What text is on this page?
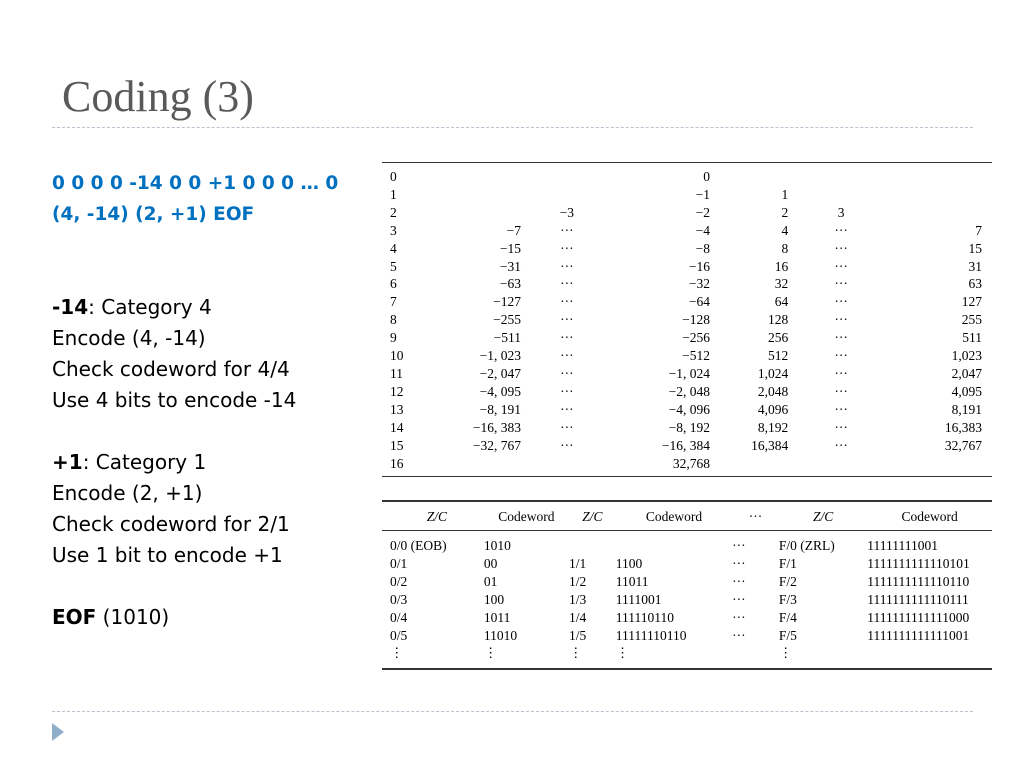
Coding (3)
0 0 0 0 -14 0 0 +1 0 0 0 … 0
(4, -14) (2, +1) EOF
-14: Category 4
Encode (4, -14)
Check codeword for 4/4
Use 4 bits to encode -14
+1: Category 1
Encode (2, +1)
Check codeword for 2/1
Use 1 bit to encode +1
EOF (1010)
0			0			
1			−1	1		
2		−3	−2	2	3	
3	−7	···	−4	4	···	7
4	−15	···	−8	8	···	15
5	−31	···	−16	16	···	31
6	−63	···	−32	32	···	63
7	−127	···	−64	64	···	127
8	−255	···	−128	128	···	255
9	−511	···	−256	256	···	511
10	−1, 023	···	−512	512	···	1,023
11	−2, 047	···	−1, 024	1,024	···	2,047
12	−4, 095	···	−2, 048	2,048	···	4,095
13	−8, 191	···	−4, 096	4,096	···	8,191
14	−16, 383	···	−8, 192	8,192	···	16,383
15	−32, 767	···	−16, 384	16,384	···	32,767
16			32,768			
Z/C	Codeword	Z/C	Codeword	···	Z/C	Codeword
0/0 (EOB)	1010			···	F/0 (ZRL)	11111111001
0/1	00	1/1	1100	···	F/1	1111111111110101
0/2	01	1/2	11011	···	F/2	1111111111110110
0/3	100	1/3	1111001	···	F/3	1111111111110111
0/4	1011	1/4	111110110	···	F/4	1111111111111000
0/5	11010	1/5	11111110110	···	F/5	1111111111111001
⋮	⋮	⋮	⋮		⋮	
